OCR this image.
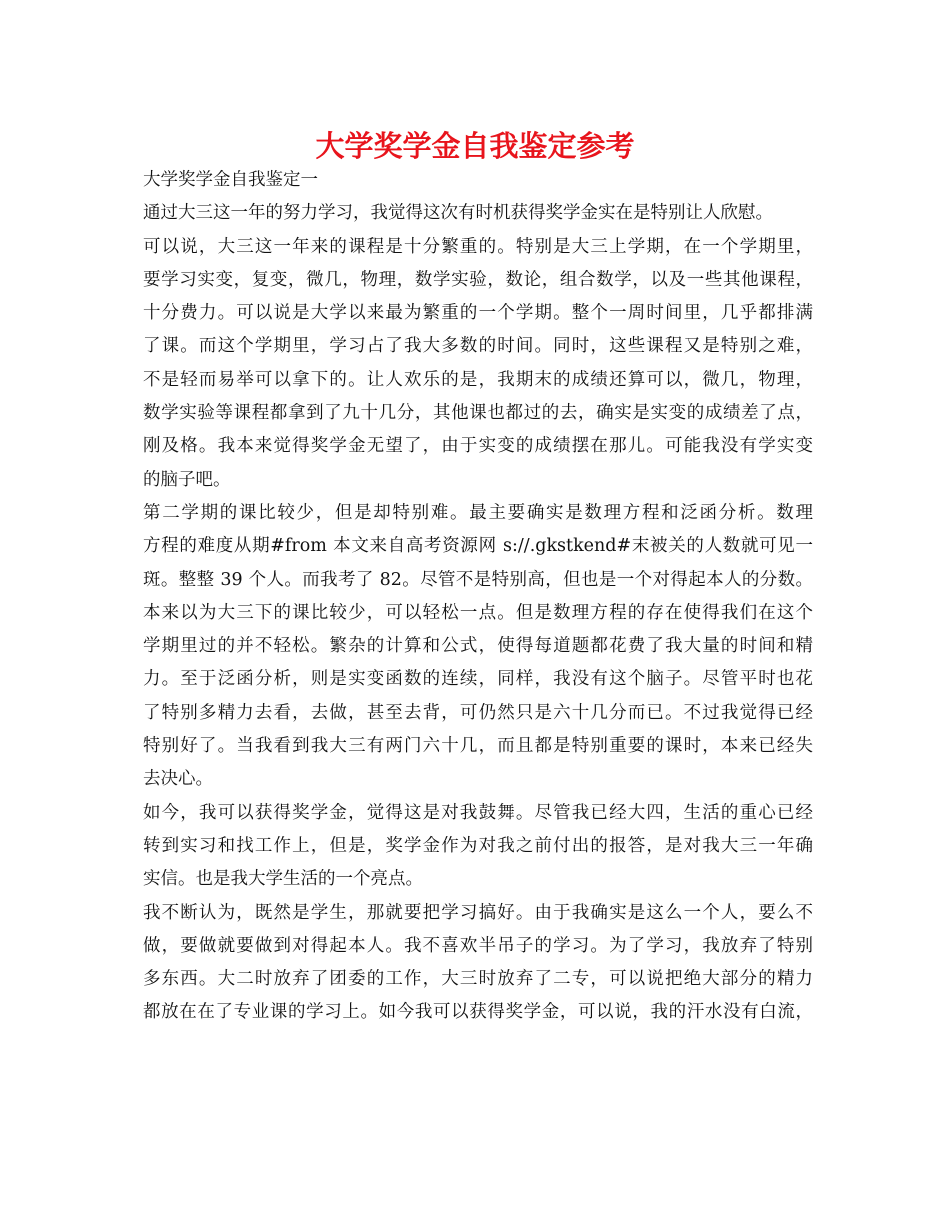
大学奖学金自我鉴定参考
大学奖学金自我鉴定一
通过大三这一年的努力学习，我觉得这次有时机获得奖学金实在是特别让人欣慰。
可以说，大三这一年来的课程是十分繁重的。特别是大三上学期，在一个学期里，
要学习实变，复变，微几，物理，数学实验，数论，组合数学，以及一些其他课程，
十分费力。可以说是大学以来最为繁重的一个学期。整个一周时间里，几乎都排满
了课。而这个学期里，学习占了我大多数的时间。同时，这些课程又是特别之难，
不是轻而易举可以拿下的。让人欢乐的是，我期末的成绩还算可以，微几，物理，
数学实验等课程都拿到了九十几分，其他课也都过的去，确实是实变的成绩差了点，
刚及格。我本来觉得奖学金无望了，由于实变的成绩摆在那儿。可能我没有学实变
的脑子吧。
第二学期的课比较少，但是却特别难。最主要确实是数理方程和泛函分析。数理
方程的难度从期#from 本文来自高考资源网 s://.gkstkend#末被关的人数就可见一
斑。整整 39 个人。而我考了 82。尽管不是特别高，但也是一个对得起本人的分数。
本来以为大三下的课比较少，可以轻松一点。但是数理方程的存在使得我们在这个
学期里过的并不轻松。繁杂的计算和公式，使得每道题都花费了我大量的时间和精
力。至于泛函分析，则是实变函数的连续，同样，我没有这个脑子。尽管平时也花
了特别多精力去看，去做，甚至去背，可仍然只是六十几分而已。不过我觉得已经
特别好了。当我看到我大三有两门六十几，而且都是特别重要的课时，本来已经失
去决心。
如今，我可以获得奖学金，觉得这是对我鼓舞。尽管我已经大四，生活的重心已经
转到实习和找工作上，但是，奖学金作为对我之前付出的报答，是对我大三一年确
实信。也是我大学生活的一个亮点。
我不断认为，既然是学生，那就要把学习搞好。由于我确实是这么一个人，要么不
做，要做就要做到对得起本人。我不喜欢半吊子的学习。为了学习，我放弃了特别
多东西。大二时放弃了团委的工作，大三时放弃了二专，可以说把绝大部分的精力
都放在在了专业课的学习上。如今我可以获得奖学金，可以说，我的汗水没有白流，
